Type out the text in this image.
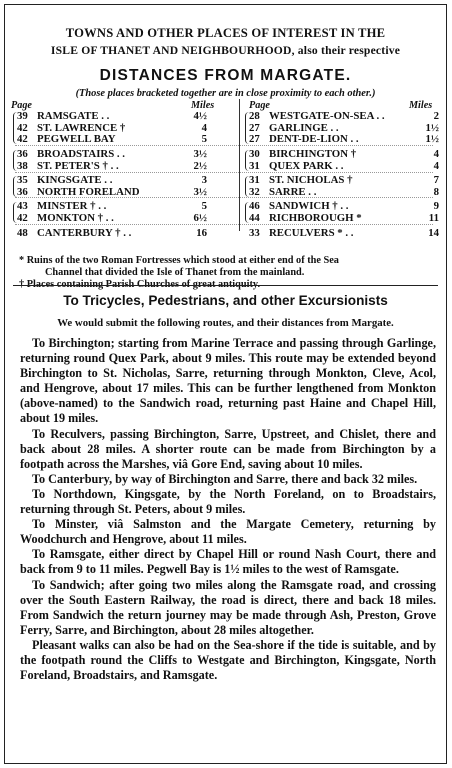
TOWNS AND OTHER PLACES OF INTEREST IN THE
ISLE OF THANET AND NEIGHBOURHOOD, also their respective
DISTANCES FROM MARGATE.
(Those places bracketed together are in close proximity to each other.)
Page	Miles	Page	Miles
39 RAMSGATE . .	4½
42 ST. LAWRENCE †	4
42 PEGWELL BAY	5
36 BROADSTAIRS . .	3½
38 ST. PETER'S † . .	2½
35 KINGSGATE . .	3
36 NORTH FORELAND	3½
43 MINSTER † . .	5
42 MONKTON † . .	6½
48 CANTERBURY † . .	16
28 WESTGATE-ON-SEA . .	2
27 GARLINGE . .	1½
27 DENT-DE-LION . .	1½
30 BIRCHINGTON †	4
31 QUEX PARK . .	4
31 ST. NICHOLAS †	7
32 SARRE . .	8
46 SANDWICH † . .	9
44 RICHBOROUGH *	11
33 RECULVERS * . .	14
* Ruins of the two Roman Fortresses which stood at either end of the Sea
Channel that divided the Isle of Thanet from the mainland.
† Places containing Parish Churches of great antiquity.
To Tricycles, Pedestrians, and other Excursionists
We would submit the following routes, and their distances from Margate.

To Birchington; starting from Marine Terrace and passing through Garlinge, returning round Quex Park, about 9 miles. This route may be extended beyond Birchington to St. Nicholas, Sarre, returning through Monkton, Cleve, Acol, and Hengrove, about 17 miles. This can be further lengthened from Monkton (above-named) to the Sandwich road, returning past Haine and Chapel Hill, about 19 miles.

To Reculvers, passing Birchington, Sarre, Upstreet, and Chislet, there and back about 28 miles. A shorter route can be made from Birchington by a footpath across the Marshes, viâ Gore End, saving about 10 miles.

To Canterbury, by way of Birchington and Sarre, there and back 32 miles.

To Northdown, Kingsgate, by the North Foreland, on to Broadstairs, returning through St. Peters, about 9 miles.

To Minster, viâ Salmston and the Margate Cemetery, returning by Woodchurch and Hengrove, about 11 miles.

To Ramsgate, either direct by Chapel Hill or round Nash Court, there and back from 9 to 11 miles. Pegwell Bay is 1½ miles to the west of Ramsgate.

To Sandwich; after going two miles along the Ramsgate road, and crossing over the South Eastern Railway, the road is direct, there and back 18 miles. From Sandwich the return journey may be made through Ash, Preston, Grove Ferry, Sarre, and Birchington, about 28 miles altogether.

Pleasant walks can also be had on the Sea-shore if the tide is suitable, and by the footpath round the Cliffs to Westgate and Birchington, Kingsgate, North Foreland, Broadstairs, and Ramsgate.
